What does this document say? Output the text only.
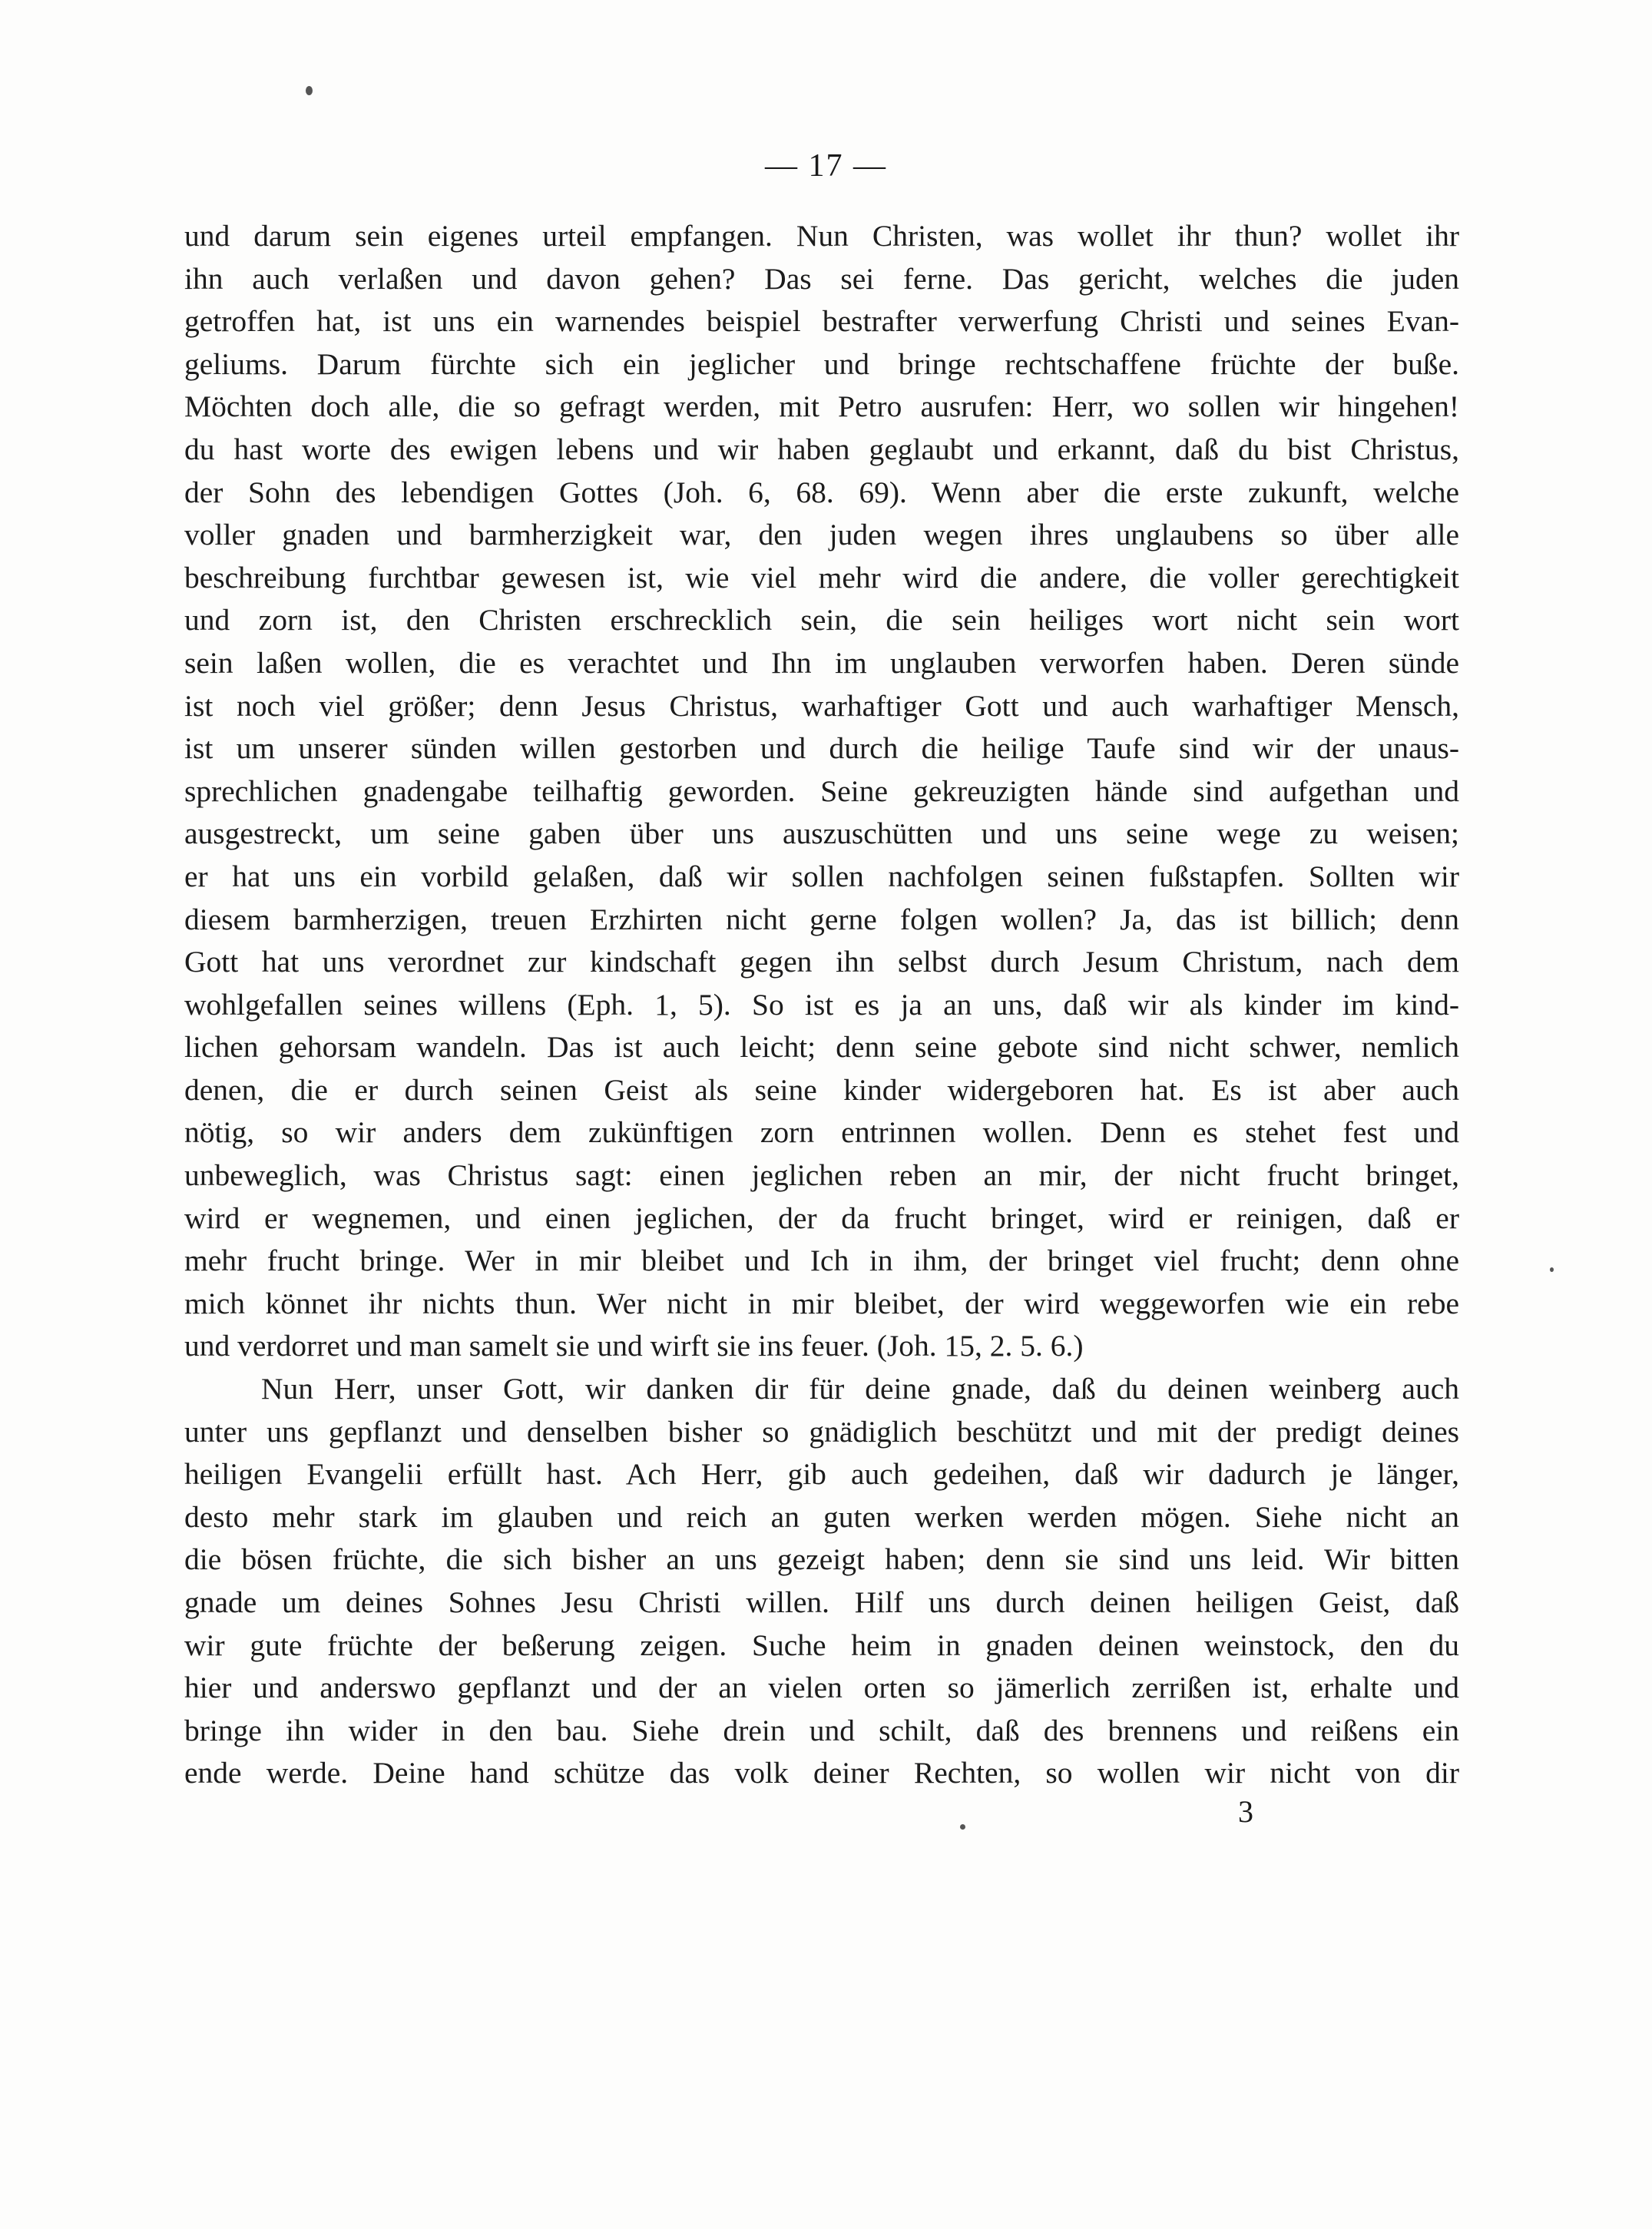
— 17 —
und darum sein eigenes urteil empfangen. Nun Christen, was wollet ihr thun? wollet ihr
ihn auch verlaßen und davon gehen? Das sei ferne. Das gericht, welches die juden
getroffen hat, ist uns ein warnendes beispiel bestrafter verwerfung Christi und seines Evan-
geliums. Darum fürchte sich ein jeglicher und bringe rechtschaffene früchte der buße.
Möchten doch alle, die so gefragt werden, mit Petro ausrufen: Herr, wo sollen wir hingehen!
du hast worte des ewigen lebens und wir haben geglaubt und erkannt, daß du bist Christus,
der Sohn des lebendigen Gottes (Joh. 6, 68. 69). Wenn aber die erste zukunft, welche
voller gnaden und barmherzigkeit war, den juden wegen ihres unglaubens so über alle
beschreibung furchtbar gewesen ist, wie viel mehr wird die andere, die voller gerechtigkeit
und zorn ist, den Christen erschrecklich sein, die sein heiliges wort nicht sein wort
sein laßen wollen, die es verachtet und Ihn im unglauben verworfen haben. Deren sünde
ist noch viel größer; denn Jesus Christus, warhaftiger Gott und auch warhaftiger Mensch,
ist um unserer sünden willen gestorben und durch die heilige Taufe sind wir der unaus-
sprechlichen gnadengabe teilhaftig geworden. Seine gekreuzigten hände sind aufgethan und
ausgestreckt, um seine gaben über uns auszuschütten und uns seine wege zu weisen;
er hat uns ein vorbild gelaßen, daß wir sollen nachfolgen seinen fußstapfen. Sollten wir
diesem barmherzigen, treuen Erzhirten nicht gerne folgen wollen? Ja, das ist billich; denn
Gott hat uns verordnet zur kindschaft gegen ihn selbst durch Jesum Christum, nach dem
wohlgefallen seines willens (Eph. 1, 5). So ist es ja an uns, daß wir als kinder im kind-
lichen gehorsam wandeln. Das ist auch leicht; denn seine gebote sind nicht schwer, nemlich
denen, die er durch seinen Geist als seine kinder widergeboren hat. Es ist aber auch
nötig, so wir anders dem zukünftigen zorn entrinnen wollen. Denn es stehet fest und
unbeweglich, was Christus sagt: einen jeglichen reben an mir, der nicht frucht bringet,
wird er wegnemen, und einen jeglichen, der da frucht bringet, wird er reinigen, daß er
mehr frucht bringe. Wer in mir bleibet und Ich in ihm, der bringet viel frucht; denn ohne
mich könnet ihr nichts thun. Wer nicht in mir bleibet, der wird weggeworfen wie ein rebe
und verdorret und man samelt sie und wirft sie ins feuer. (Joh. 15, 2. 5. 6.)
Nun Herr, unser Gott, wir danken dir für deine gnade, daß du deinen weinberg auch
unter uns gepflanzt und denselben bisher so gnädiglich beschützt und mit der predigt deines
heiligen Evangelii erfüllt hast. Ach Herr, gib auch gedeihen, daß wir dadurch je länger,
desto mehr stark im glauben und reich an guten werken werden mögen. Siehe nicht an
die bösen früchte, die sich bisher an uns gezeigt haben; denn sie sind uns leid. Wir bitten
gnade um deines Sohnes Jesu Christi willen. Hilf uns durch deinen heiligen Geist, daß
wir gute früchte der beßerung zeigen. Suche heim in gnaden deinen weinstock, den du
hier und anderswo gepflanzt und der an vielen orten so jämerlich zerrißen ist, erhalte und
bringe ihn wider in den bau. Siehe drein und schilt, daß des brennens und reißens ein
ende werde. Deine hand schütze das volk deiner Rechten, so wollen wir nicht von dir
3
